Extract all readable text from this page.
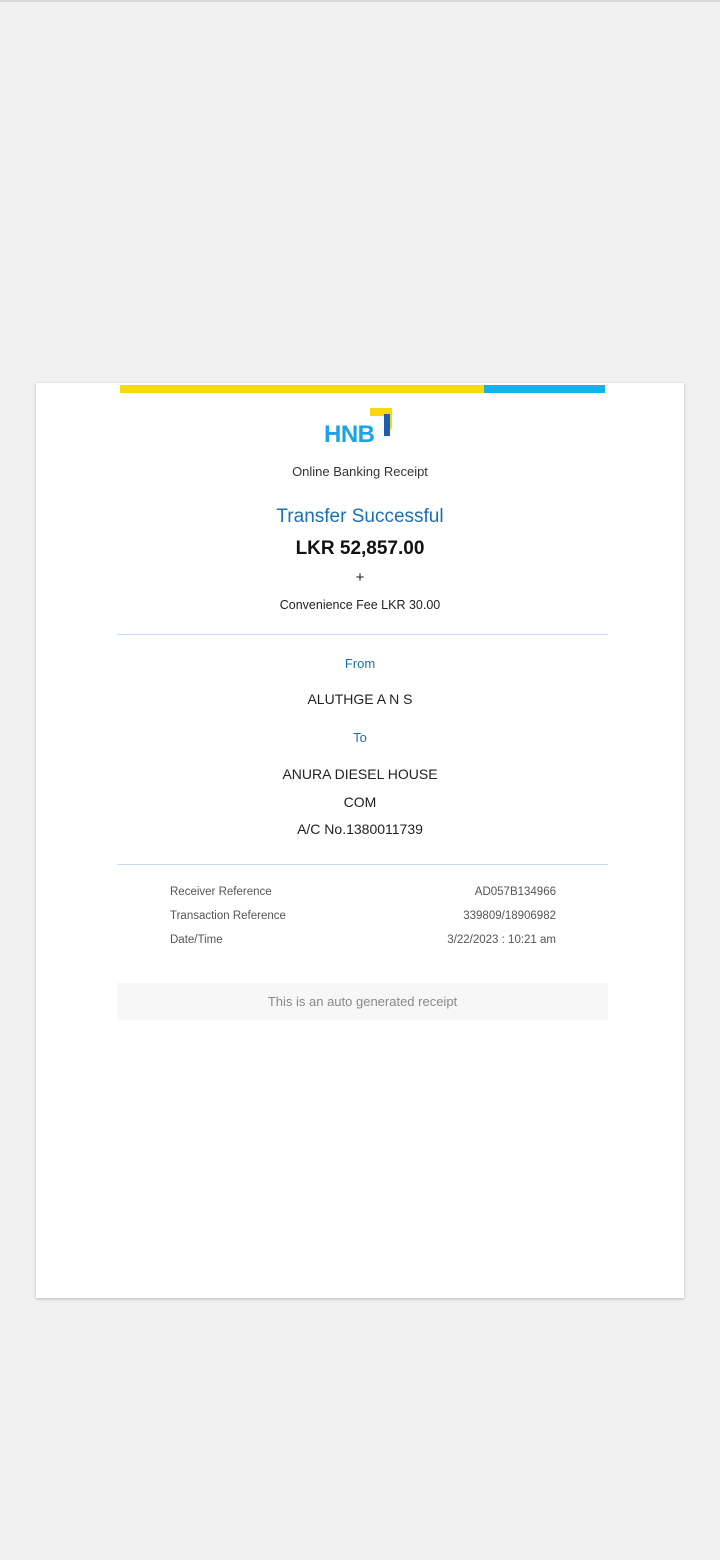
HNB
Online Banking Receipt
Transfer Successful
LKR 52,857.00
+
Convenience Fee LKR 30.00
From
ALUTHGE A N S
To
ANURA DIESEL HOUSE
COM
A/C No.1380011739
Receiver Reference	AD057B134966
Transaction Reference	339809/18906982
Date/Time	3/22/2023 : 10:21 am
This is an auto generated receipt
